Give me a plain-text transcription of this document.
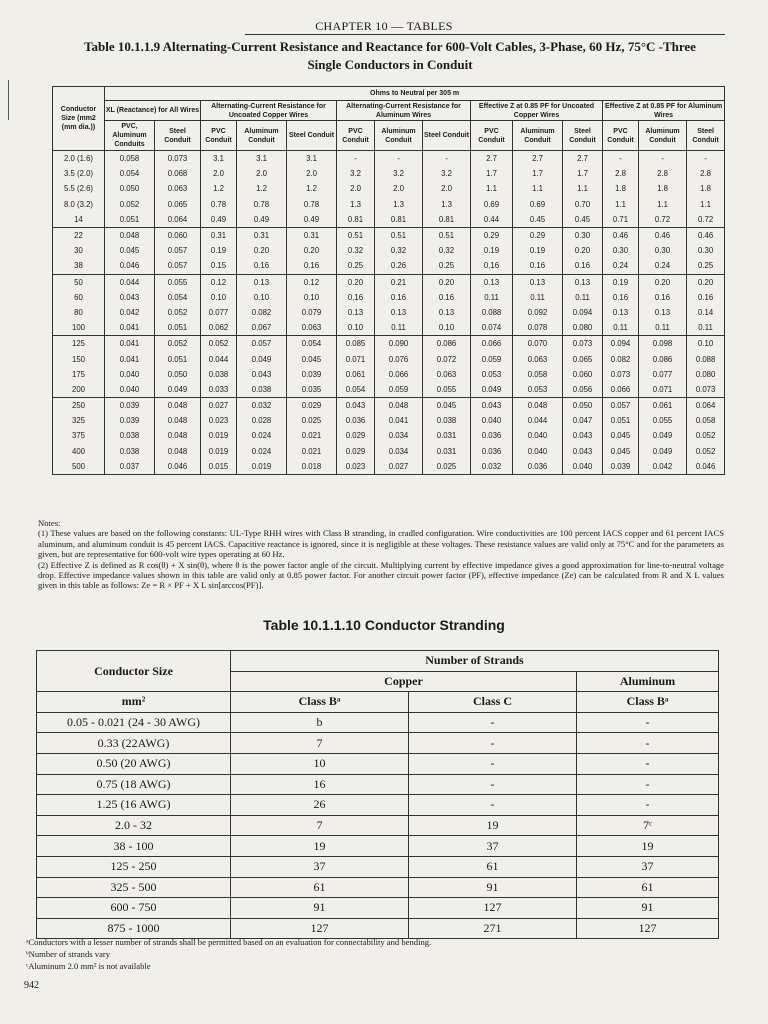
CHAPTER 10 — TABLES
Table 10.1.1.9 Alternating-Current Resistance and Reactance for 600-Volt Cables, 3-Phase, 60 Hz, 75°C -Three
Single Conductors in Conduit
Conductor Size (mm2 (mm dia.))	Ohms to Neutral per 305 m													
	XL (Reactance) for All Wires		Alternating-Current Resistance for Uncoated Copper Wires			Alternating-Current Resistance for Aluminum Wires			Effective Z at 0.85 PF for Uncoated Copper Wires			Effective Z at 0.85 PF for Aluminum Wires		
	PVC, Aluminum Conduits	Steel Conduit	PVC Conduit	Aluminum Conduit	Steel Conduit	PVC Conduit	Aluminum Conduit	Steel Conduit	PVC Conduit	Aluminum Conduit	Steel Conduit	PVC Conduit	Aluminum Conduit	Steel Conduit
2.0 (1.6)	0.058	0.073	3.1	3.1	3.1	-	-	-	2.7	2.7	2.7	-	-	-
3.5 (2.0)	0.054	0.068	2.0	2.0	2.0	3.2	3.2	3.2	1.7	1.7	1.7	2.8	2.8	2.8
5.5 (2.6)	0.050	0.063	1.2	1.2	1.2	2.0	2.0	2.0	1.1	1.1	1.1	1.8	1.8	1.8
8.0 (3.2)	0.052	0.065	0.78	0.78	0.78	1.3	1.3	1.3	0.69	0.69	0.70	1.1	1.1	1.1
14	0.051	0.064	0.49	0.49	0.49	0.81	0.81	0.81	0.44	0.45	0.45	0.71	0.72	0.72
22	0.048	0.060	0.31	0.31	0.31	0.51	0.51	0.51	0.29	0.29	0.30	0.46	0.46	0.46
30	0.045	0.057	0.19	0.20	0.20	0.32	0.32	0.32	0.19	0.19	0.20	0.30	0.30	0.30
38	0.046	0.057	0.15	0.16	0.16	0.25	0.26	0.25	0.16	0.16	0.16	0.24	0.24	0.25
50	0.044	0.055	0.12	0.13	0.12	0.20	0.21	0.20	0.13	0.13	0.13	0.19	0.20	0.20
60	0.043	0.054	0.10	0.10	0.10	0.16	0.16	0.16	0.11	0.11	0.11	0.16	0.16	0.16
80	0.042	0.052	0.077	0.082	0.079	0.13	0.13	0.13	0.088	0.092	0.094	0.13	0.13	0.14
100	0.041	0.051	0.062	0.067	0.063	0.10	0.11	0.10	0.074	0.078	0.080	0.11	0.11	0.11
125	0.041	0.052	0.052	0.057	0.054	0.085	0.090	0.086	0.066	0.070	0.073	0.094	0.098	0.10
150	0.041	0.051	0.044	0.049	0.045	0.071	0.076	0.072	0.059	0.063	0.065	0.082	0.086	0.088
175	0.040	0.050	0.038	0.043	0.039	0.061	0.066	0.063	0.053	0.058	0.060	0.073	0.077	0.080
200	0.040	0.049	0.033	0.038	0.035	0.054	0.059	0.055	0.049	0.053	0.056	0.066	0.071	0.073
250	0.039	0.048	0.027	0.032	0.029	0.043	0.048	0.045	0.043	0.048	0.050	0.057	0.061	0.064
325	0.039	0.048	0.023	0.028	0.025	0.036	0.041	0.038	0.040	0.044	0.047	0.051	0.055	0.058
375	0.038	0.048	0.019	0.024	0.021	0.029	0.034	0.031	0.036	0.040	0.043	0.045	0.049	0.052
400	0.038	0.048	0.019	0.024	0.021	0.029	0.034	0.031	0.036	0.040	0.043	0.045	0.049	0.052
500	0.037	0.046	0.015	0.019	0.018	0.023	0.027	0.025	0.032	0.036	0.040	0.039	0.042	0.046

Notes:

(1) These values are based on the following constants: UL-Type RHH wires with Class B stranding, in cradled configuration. Wire conductivities are 100 percent IACS copper and 61 percent IACS aluminum, and aluminum conduit is 45 percent IACS. Capacitive reactance is ignored, since it is negligible at these voltages. These resistance values are valid only at 75°C and for the parameters as given, but are representative for 600-volt wire types operating at 60 Hz.

(2) Effective Z is defined as R cos(θ) + X sin(θ), where θ is the power factor angle of the circuit. Multiplying current by effective impedance gives a good approximation for line-to-neutral voltage drop. Effective impedance values shown in this table are valid only at 0.85 power factor. For another circuit power factor (PF), effective impedance (Ze) can be calculated from R and X L values given in this table as follows: Ze = R × PF + X L sin[arccos(PF)].

Table 10.1.1.10 Conductor Stranding
Conductor Size	Number of Strands		
	Copper		Aluminum
mm²	Class Bᵃ	Class C	Class Bᵃ
0.05 - 0.021 (24 - 30 AWG)	b	-	-
0.33 (22AWG)	7	-	-
0.50 (20 AWG)	10	-	-
0.75 (18 AWG)	16	-	-
1.25 (16 AWG)	26	-	-
2.0 - 32	7	19	7ᶜ
38 - 100	19	37	19
125 - 250	37	61	37
325 - 500	61	91	61
600 - 750	91	127	91
875 - 1000	127	271	127

ᵃConductors with a lesser number of strands shall be permitted based on an evaluation for connectability and bending.

ᵇNumber of strands vary

ᶜAluminum 2.0 mm² is not available

942
